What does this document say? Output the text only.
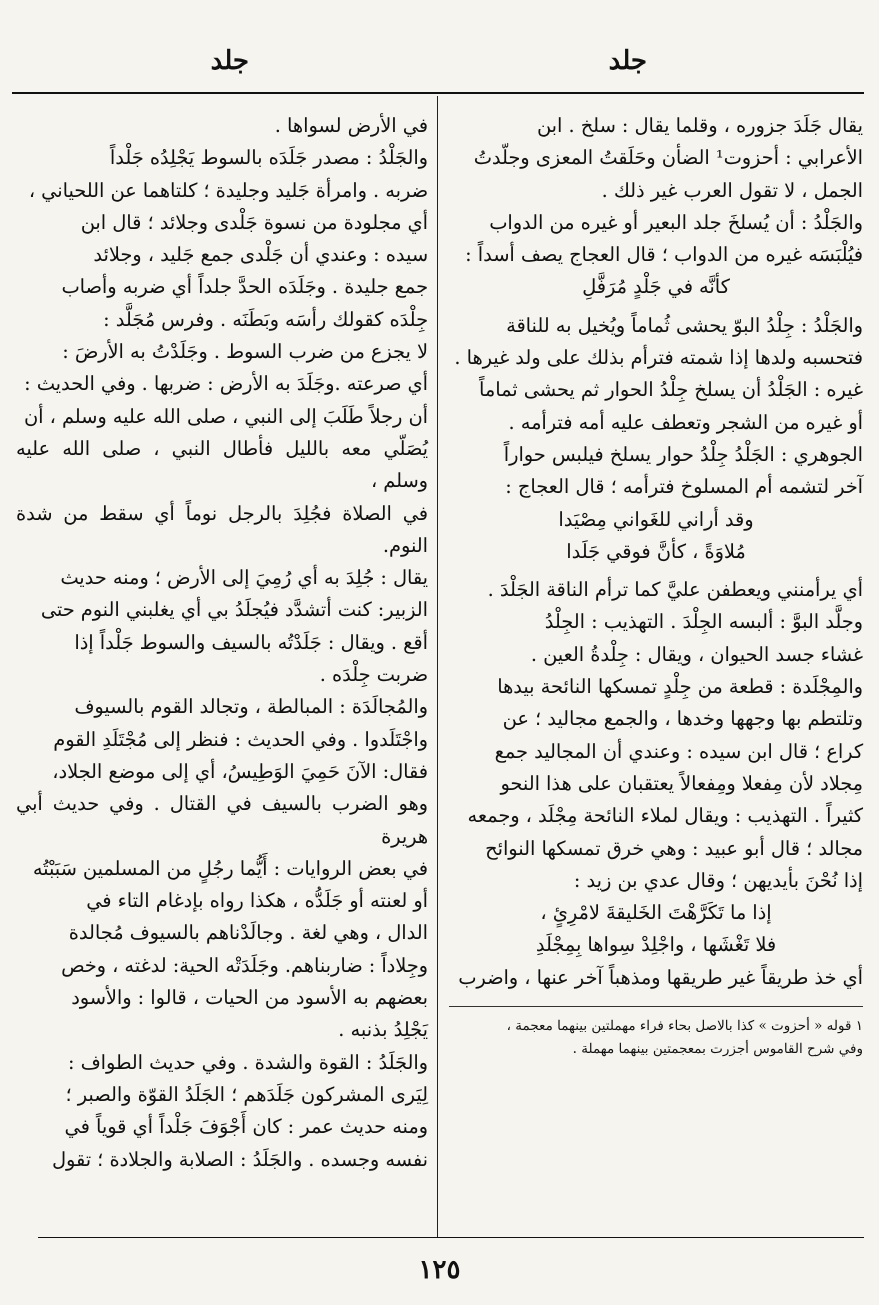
جلد
جلد

يقال جَلَدَ جزوره ، وقلما يقال : سلخ . ابن

الأعرابي : أحزوت¹ الضأن وحَلَقتُ المعزى وجلّدتُ

الجمل ، لا تقول العرب غير ذلك .

والجَلْدُ : أن يُسلخَ جلد البعير أو غيره من الدواب

فيُلْبَسَه غيره من الدواب ؛ قال العجاج يصف أسداً :

كأنَّه في جَلْدٍ مُرَفَّلِ

والجَلْدُ : جِلْدُ البوّ يحشى ثُماماً ويُخيل به للناقة

فتحسبه ولدها إذا شمته فترأم بذلك على ولد غيرها .

غيره : الجَلْدُ أن يسلخ جِلْدُ الحوار ثم يحشى ثماماً

أو غيره من الشجر وتعطف عليه أمه فترأمه .

الجوهري : الجَلْدُ جِلْدُ حوار يسلخ فيلبس حواراً

آخر لتشمه أم المسلوخ فترأمه ؛ قال العجاج :

وقد أراني للغَواني مِصْيَدا

مُلاوَةً ، كأنَّ فوقي جَلَدا

أي يرأمنني ويعطفن عليَّ كما ترأم الناقة الجَلْدَ .

وجلَّد البوَّ : ألبسه الجِلْدَ . التهذيب : الجِلْدُ

غشاء جسد الحيوان ، ويقال : جِلْدةُ العين .

والمِجْلَدة : قطعة من جِلْدٍ تمسكها النائحة بيدها

وتلتطم بها وجهها وخدها ، والجمع مجاليد ؛ عن

كراع ؛ قال ابن سيده : وعندي أن المجاليد جمع

مِجلاد لأن مِفعلا ومِفعالاً يعتقبان على هذا النحو

كثيراً . التهذيب : ويقال لملاء النائحة مِجْلَد ، وجمعه

مجالد ؛ قال أبو عبيد : وهي خرق تمسكها النوائح

إذا نُحْنَ بأيديهن ؛ وقال عدي بن زيد :

إذا ما تَكَرَّهْتَ الخَليقةَ لامْرِئٍ ،

فلا تَغْشَها ، واجْلِدْ سِواها بِمِجْلَدِ

أي خذ طريقاً غير طريقها ومذهباً آخر عنها ، واضرب

١ قوله « أحزوت » كذا بالاصل بحاء فراء مهملتين بينهما معجمة ،

وفي شرح القاموس أجزرت بمعجمتين بينهما مهملة .

في الأرض لسواها .

والجَلْدُ : مصدر جَلَدَه بالسوط يَجْلِدُه جَلْداً

ضربه . وامرأة جَليد وجليدة ؛ كلتاهما عن اللحياني ،

أي مجلودة من نسوة جَلْدى وجلائد ؛ قال ابن

سيده : وعندي أن جَلْدى جمع جَليد ، وجلائد

جمع جليدة . وجَلَدَه الحدَّ جلداً أي ضربه وأصاب

جِلْدَه كقولك رأسَه وبَطَنَه . وفرس مُجَلَّد :

لا يجزع من ضرب السوط . وجَلَدْتُ به الأرضَ :

أي صرعته .وجَلَدَ به الأرض : ضربها . وفي الحديث :

أن رجلاً طَلَبَ إلى النبي ، صلى الله عليه وسلم ، أن

يُصَلّي معه بالليل فأطال النبي ، صلى الله عليه وسلم ،

في الصلاة فجُلِدَ بالرجل نوماً أي سقط من شدة النوم.

يقال : جُلِدَ به أي رُمِيَ إلى الأرض ؛ ومنه حديث

الزبير: كنت أتشدَّد فيُجلَدُ بي أي يغلبني النوم حتى

أقع . ويقال : جَلَدْتُه بالسيف والسوط جَلْداً إذا

ضربت جِلْدَه .

والمُجالَدَة : المبالطة ، وتجالد القوم بالسيوف

واجْتَلَدوا . وفي الحديث : فنظر إلى مُجْتَلَدِ القوم

فقال: الآنَ حَمِيَ الوَطِيسُ، أي إلى موضع الجلاد،

وهو الضرب بالسيف في القتال . وفي حديث أبي هريرة

في بعض الروايات : أَيُّما رجُلٍ من المسلمين سَبَبْتُه

أو لعنته أو جَلَدُّه ، هكذا رواه بإدغام التاء في

الدال ، وهي لغة . وجالَدْناهم بالسيوف مُجالدة

وجِلاداً : ضاربناهم. وجَلَدَتْه الحية: لدغته ، وخص

بعضهم به الأسود من الحيات ، قالوا : والأسود

يَجْلِدُ بذنبه .

والجَلَدُ : القوة والشدة . وفي حديث الطواف :

لِيَرى المشركون جَلَدَهم ؛ الجَلَدُ القوّة والصبر ؛

ومنه حديث عمر : كان أَجْوَفَ جَلْداً أي قوياً في

نفسه وجسده . والجَلَدُ : الصلابة والجلادة ؛ تقول

١٢٥
